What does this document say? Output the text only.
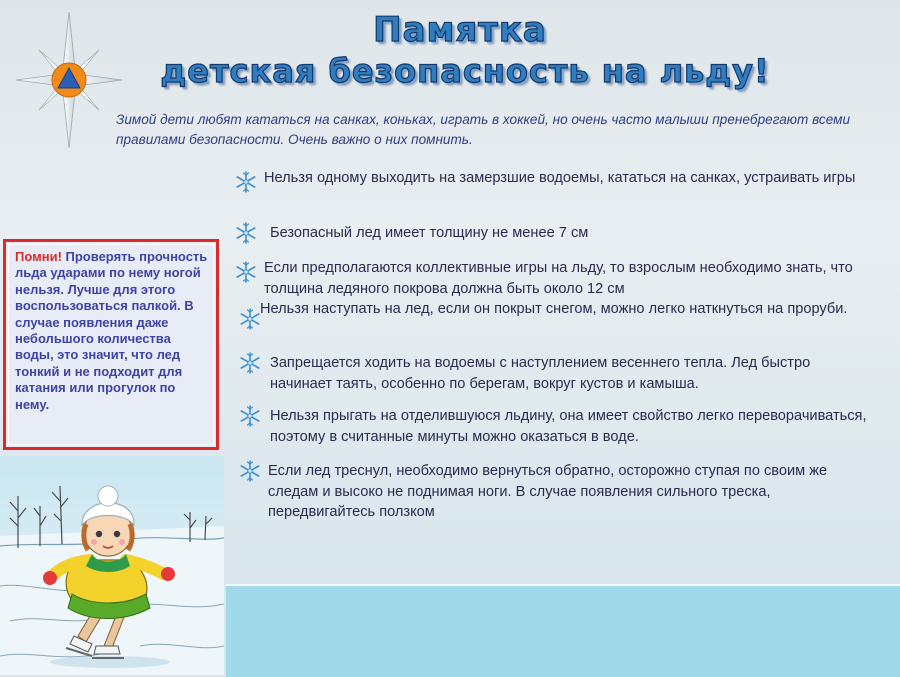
Памятка
детская безопасность на льду!
Зимой дети любят кататься на санках, коньках, играть в хоккей, но очень часто малыши пренебрегают всеми правилами безопасности. Очень важно о них помнить.
Нельзя одному выходить на замерзшие водоемы, кататься на санках, устраивать игры
Безопасный лед имеет толщину не менее 7 см
Если предполагаются коллективные игры на льду, то взрослым необходимо знать, что толщина ледяного покрова должна быть около 12 см
Нельзя наступать на лед, если он покрыт снегом, можно легко наткнуться на проруби.
Запрещается ходить на водоемы с наступлением весеннего тепла. Лед быстро начинает таять, особенно по берегам, вокруг кустов и камыша.
Нельзя прыгать на отделившуюся льдину, она имеет свойство легко переворачиваться, поэтому в считанные минуты можно оказаться в воде.
Если лед треснул, необходимо вернуться обратно, осторожно ступая по своим же следам и высоко не поднимая ноги. В случае появления сильного треска, передвигайтесь ползком
Помни! Проверять прочность льда ударами по нему ногой нельзя. Лучше для этого воспользоваться палкой. В случае появления даже небольшого количества воды, это значит, что лед тонкий и не подходит для катания или прогулок по нему.
